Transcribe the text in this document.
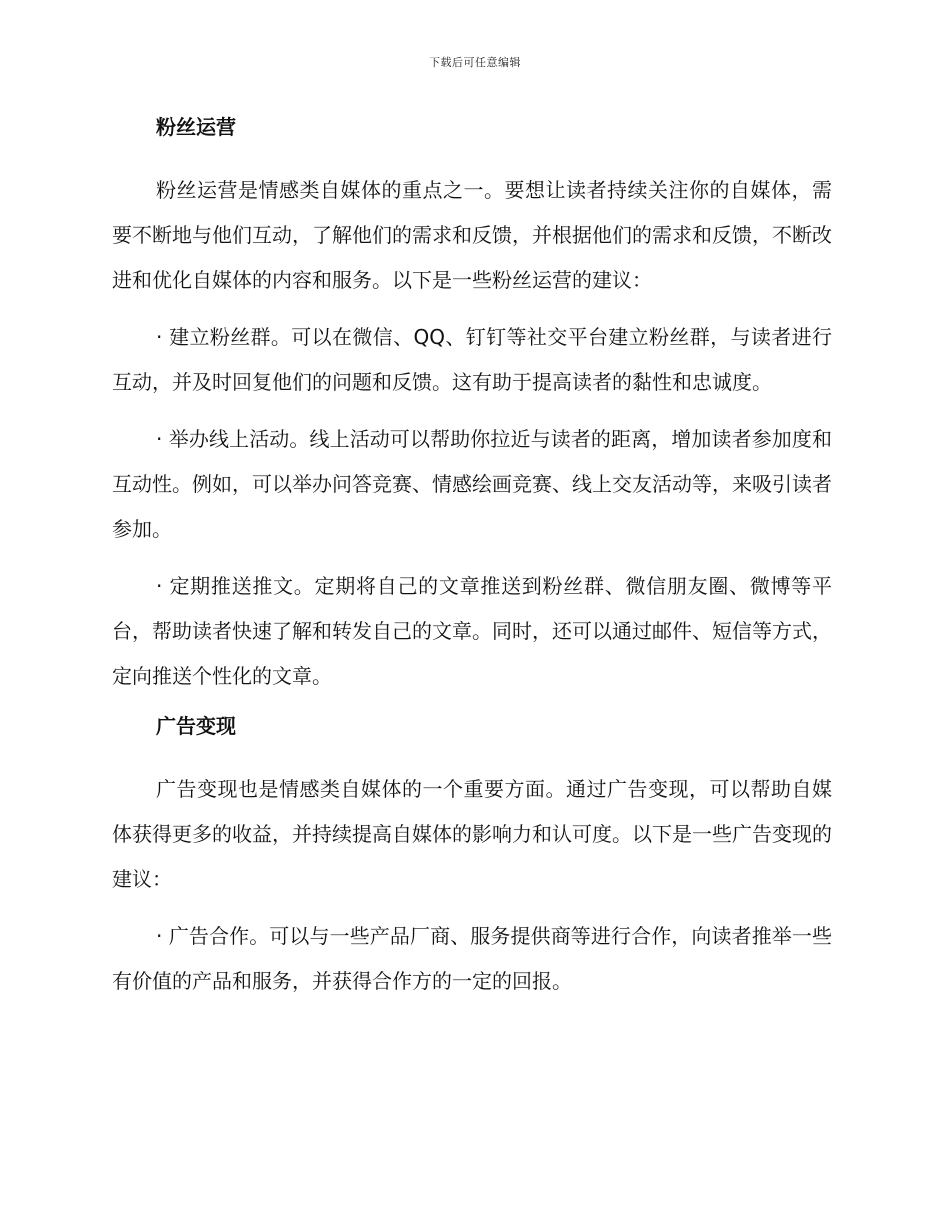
下载后可任意编辑
粉丝运营

粉丝运营是情感类自媒体的重点之一。要想让读者持续关注你的自媒体，需要不断地与他们互动，了解他们的需求和反馈，并根据他们的需求和反馈，不断改进和优化自媒体的内容和服务。以下是一些粉丝运营的建议：

· 建立粉丝群。可以在微信、QQ、钉钉等社交平台建立粉丝群，与读者进行互动，并及时回复他们的问题和反馈。这有助于提高读者的黏性和忠诚度。

· 举办线上活动。线上活动可以帮助你拉近与读者的距离，增加读者参加度和互动性。例如，可以举办问答竞赛、情感绘画竞赛、线上交友活动等，来吸引读者参加。

· 定期推送推文。定期将自己的文章推送到粉丝群、微信朋友圈、微博等平台，帮助读者快速了解和转发自己的文章。同时，还可以通过邮件、短信等方式，定向推送个性化的文章。

广告变现

广告变现也是情感类自媒体的一个重要方面。通过广告变现，可以帮助自媒体获得更多的收益，并持续提高自媒体的影响力和认可度。以下是一些广告变现的建议：

· 广告合作。可以与一些产品厂商、服务提供商等进行合作，向读者推举一些有价值的产品和服务，并获得合作方的一定的回报。
